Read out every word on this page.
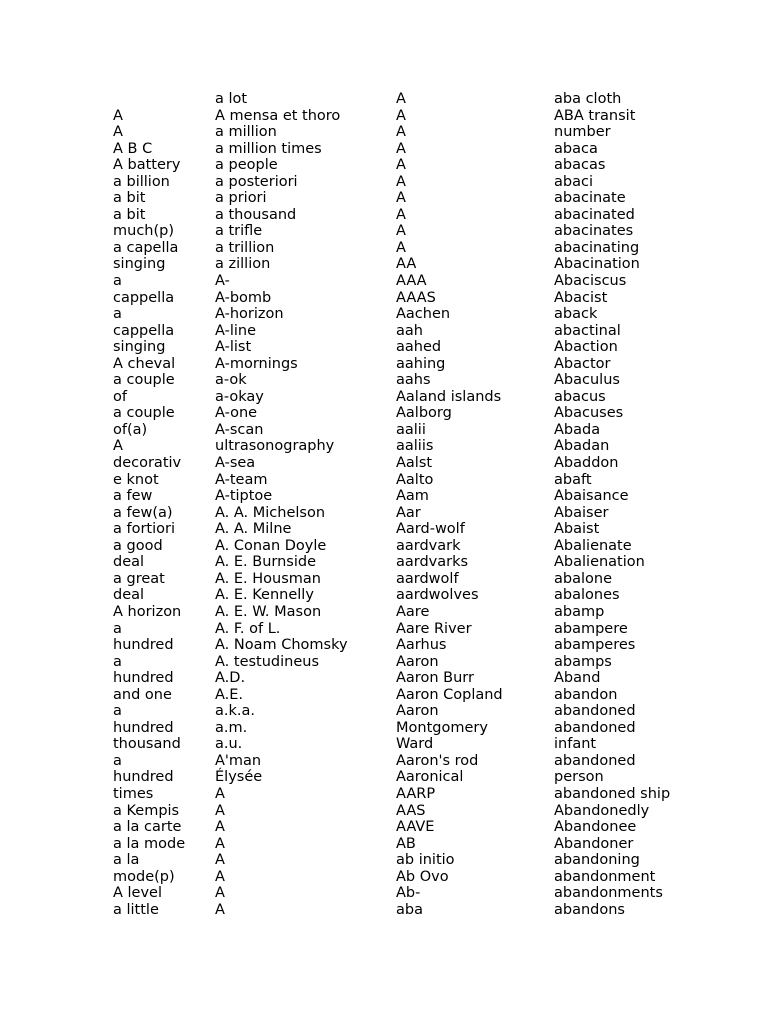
A
A
A B C
A battery
a billion
a bit
a bit
much(p)
a capella
singing
a
cappella
a
cappella
singing
A cheval
a couple
of
a couple
of(a)
A
decorativ
e knot
a few
a few(a)
a fortiori
a good
deal
a great
deal
A horizon
a
hundred
a
hundred
and one
a
hundred
thousand
a
hundred
times
a Kempis
a la carte
a la mode
a la
mode(p)
A level
a little
a lot
A mensa et thoro
a million
a million times
a people
a posteriori
a priori
a thousand
a trifle
a trillion
a zillion
A-
A-bomb
A-horizon
A-line
A-list
A-mornings
a-ok
a-okay
A-one
A-scan
ultrasonography
A-sea
A-team
A-tiptoe
A. A. Michelson
A. A. Milne
A. Conan Doyle
A. E. Burnside
A. E. Housman
A. E. Kennelly
A. E. W. Mason
A. F. of L.
A. Noam Chomsky
A. testudineus
A.D.
A.E.
a.k.a.
a.m.
a.u.
A'man
Élysée
A
A
A
A
A
A
A
A
A
A
A
A
A
A
A
A
A
A
AA
AAA
AAAS
Aachen
aah
aahed
aahing
aahs
Aaland islands
Aalborg
aalii
aaliis
Aalst
Aalto
Aam
Aar
Aard-wolf
aardvark
aardvarks
aardwolf
aardwolves
Aare
Aare River
Aarhus
Aaron
Aaron Burr
Aaron Copland
Aaron
Montgomery
Ward
Aaron's rod
Aaronical
AARP
AAS
AAVE
AB
ab initio
Ab Ovo
Ab-
aba
aba cloth
ABA transit
number
abaca
abacas
abaci
abacinate
abacinated
abacinates
abacinating
Abacination
Abaciscus
Abacist
aback
abactinal
Abaction
Abactor
Abaculus
abacus
Abacuses
Abada
Abadan
Abaddon
abaft
Abaisance
Abaiser
Abaist
Abalienate
Abalienation
abalone
abalones
abamp
abampere
abamperes
abamps
Aband
abandon
abandoned
abandoned
infant
abandoned
person
abandoned ship
Abandonedly
Abandonee
Abandoner
abandoning
abandonment
abandonments
abandons
